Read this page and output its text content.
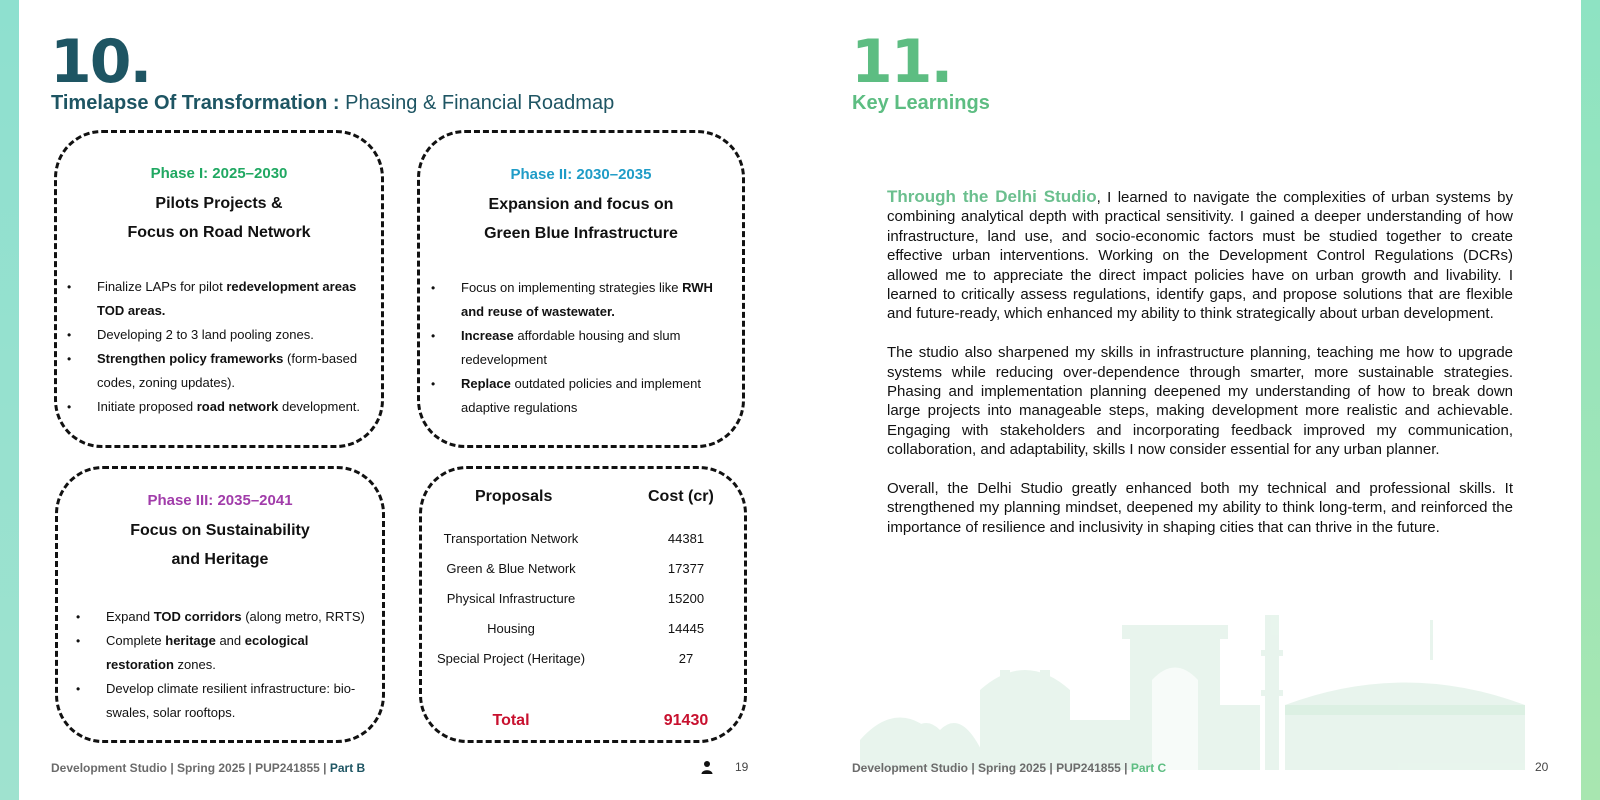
10.
Timelapse Of Transformation : Phasing & Financial Roadmap
Phase I: 2025–2030
Pilots Projects &
Focus on Road Network
• Finalize LAPs for pilot redevelopment areas TOD areas.
• Developing 2 to 3 land pooling zones.
• Strengthen policy frameworks (form-based codes, zoning updates).
• Initiate proposed road network development.
Phase II: 2030–2035
Expansion and focus on
Green Blue Infrastructure
• Focus on implementing strategies like RWH and reuse of wastewater.
• Increase affordable housing and slum redevelopment
• Replace outdated policies and implement adaptive regulations
Phase III: 2035–2041
Focus on Sustainability
and Heritage
• Expand TOD corridors (along metro, RRTS)
• Complete heritage and ecological restoration zones.
• Develop climate resilient infrastructure: bio-swales, solar rooftops.
Proposals	Cost (cr)
Transportation Network	44381
Green & Blue Network	17377
Physical Infrastructure	15200
Housing	14445
Special Project (Heritage)	27
Total	91430
Development Studio | Spring 2025 | PUP241855 | Part B	19
11.
Key Learnings

Through the Delhi Studio, I learned to navigate the complexities of urban systems by combining analytical depth with practical sensitivity. I gained a deeper understanding of how infrastructure, land use, and socio-economic factors must be studied together to create effective urban interventions. Working on the Development Control Regulations (DCRs) allowed me to appreciate the direct impact policies have on urban growth and livability. I learned to critically assess regulations, identify gaps, and propose solutions that are flexible and future-ready, which enhanced my ability to think strategically about urban development.

The studio also sharpened my skills in infrastructure planning, teaching me how to upgrade systems while reducing over-dependence through smarter, more sustainable strategies. Phasing and implementation planning deepened my understanding of how to break down large projects into manageable steps, making development more realistic and achievable. Engaging with stakeholders and incorporating feedback improved my communication, collaboration, and adaptability, skills I now consider essential for any urban planner.

Overall, the Delhi Studio greatly enhanced both my technical and professional skills. It strengthened my planning mindset, deepened my ability to think long-term, and reinforced the importance of resilience and inclusivity in shaping cities that can thrive in the future.

Development Studio | Spring 2025 | PUP241855 | Part C	20
